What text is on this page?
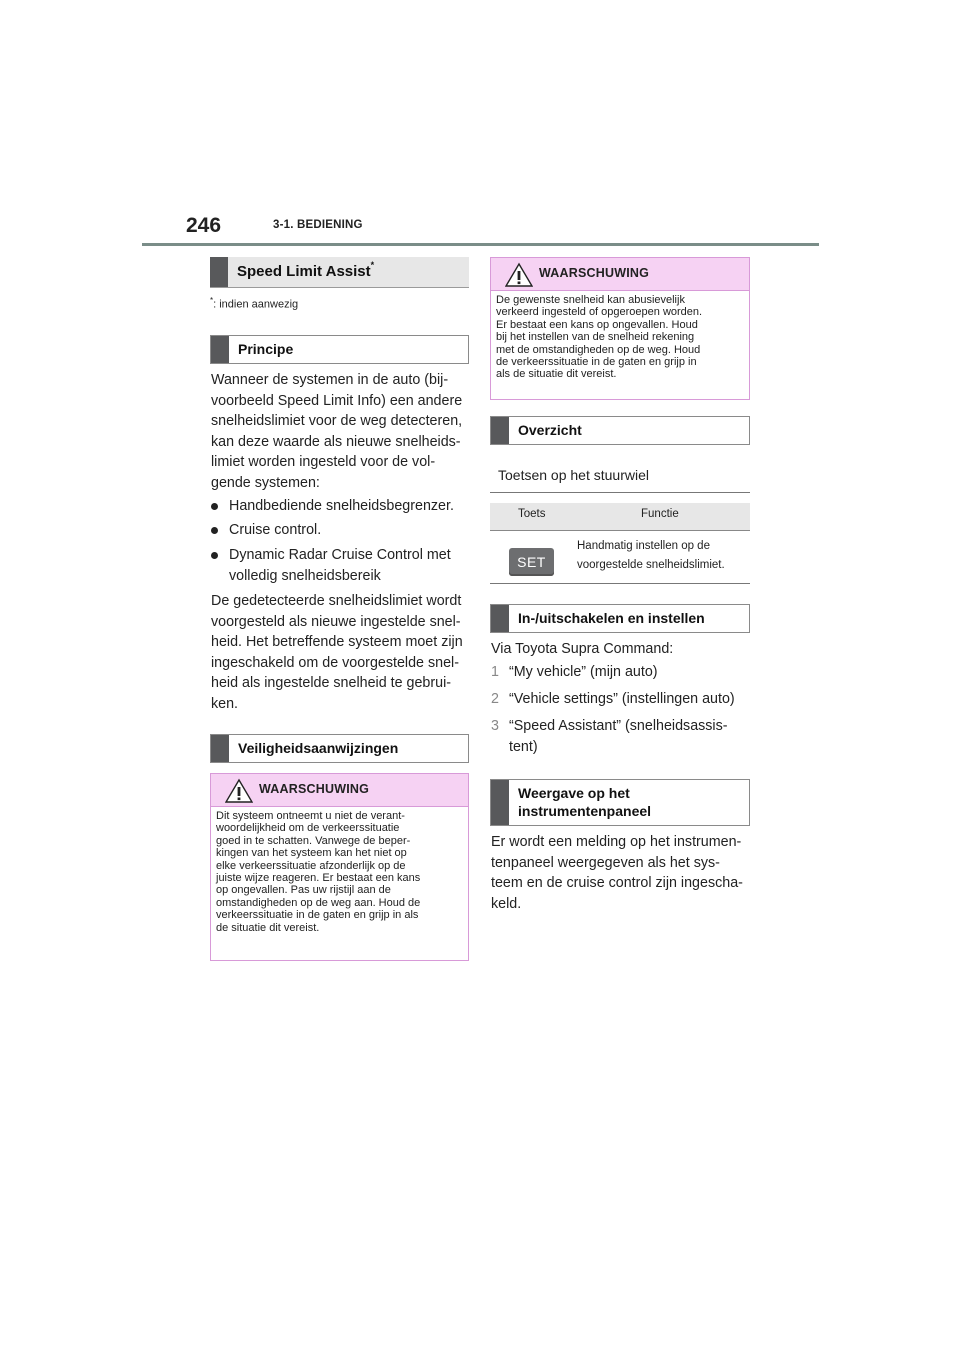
246	3-1. BEDIENING
Speed Limit Assist*
*: indien aanwezig
Principe
Wanneer de systemen in de auto (bij-
voorbeeld Speed Limit Info) een andere
snelheidslimiet voor de weg detecteren,
kan deze waarde als nieuwe snelheids-
limiet worden ingesteld voor de vol-
gende systemen:
Handbediende snelheidsbegrenzer.
Cruise control.
Dynamic Radar Cruise Control met
volledig snelheidsbereik
De gedetecteerde snelheidslimiet wordt
voorgesteld als nieuwe ingestelde snel-
heid. Het betreffende systeem moet zijn
ingeschakeld om de voorgestelde snel-
heid als ingestelde snelheid te gebrui-
ken.
Veiligheidsaanwijzingen
WAARSCHUWING
Dit systeem ontneemt u niet de verant-
woordelijkheid om de verkeerssituatie
goed in te schatten. Vanwege de beper-
kingen van het systeem kan het niet op
elke verkeerssituatie afzonderlijk op de
juiste wijze reageren. Er bestaat een kans
op ongevallen. Pas uw rijstijl aan de
omstandigheden op de weg aan. Houd de
verkeerssituatie in de gaten en grijp in als
de situatie dit vereist.
WAARSCHUWING
De gewenste snelheid kan abusievelijk
verkeerd ingesteld of opgeroepen worden.
Er bestaat een kans op ongevallen. Houd
bij het instellen van de snelheid rekening
met de omstandigheden op de weg. Houd
de verkeerssituatie in de gaten en grijp in
als de situatie dit vereist.
Overzicht
Toetsen op het stuurwiel
Toets	Functie
SET
Handmatig instellen op de
voorgestelde snelheidslimiet.
In-/uitschakelen en instellen
Via Toyota Supra Command:
1 “My vehicle” (mijn auto)
2 “Vehicle settings” (instellingen auto)
3 “Speed Assistant” (snelheidsassis-
tent)
Weergave op het
instrumentenpaneel
Er wordt een melding op het instrumen-
tenpaneel weergegeven als het sys-
teem en de cruise control zijn ingescha-
keld.
